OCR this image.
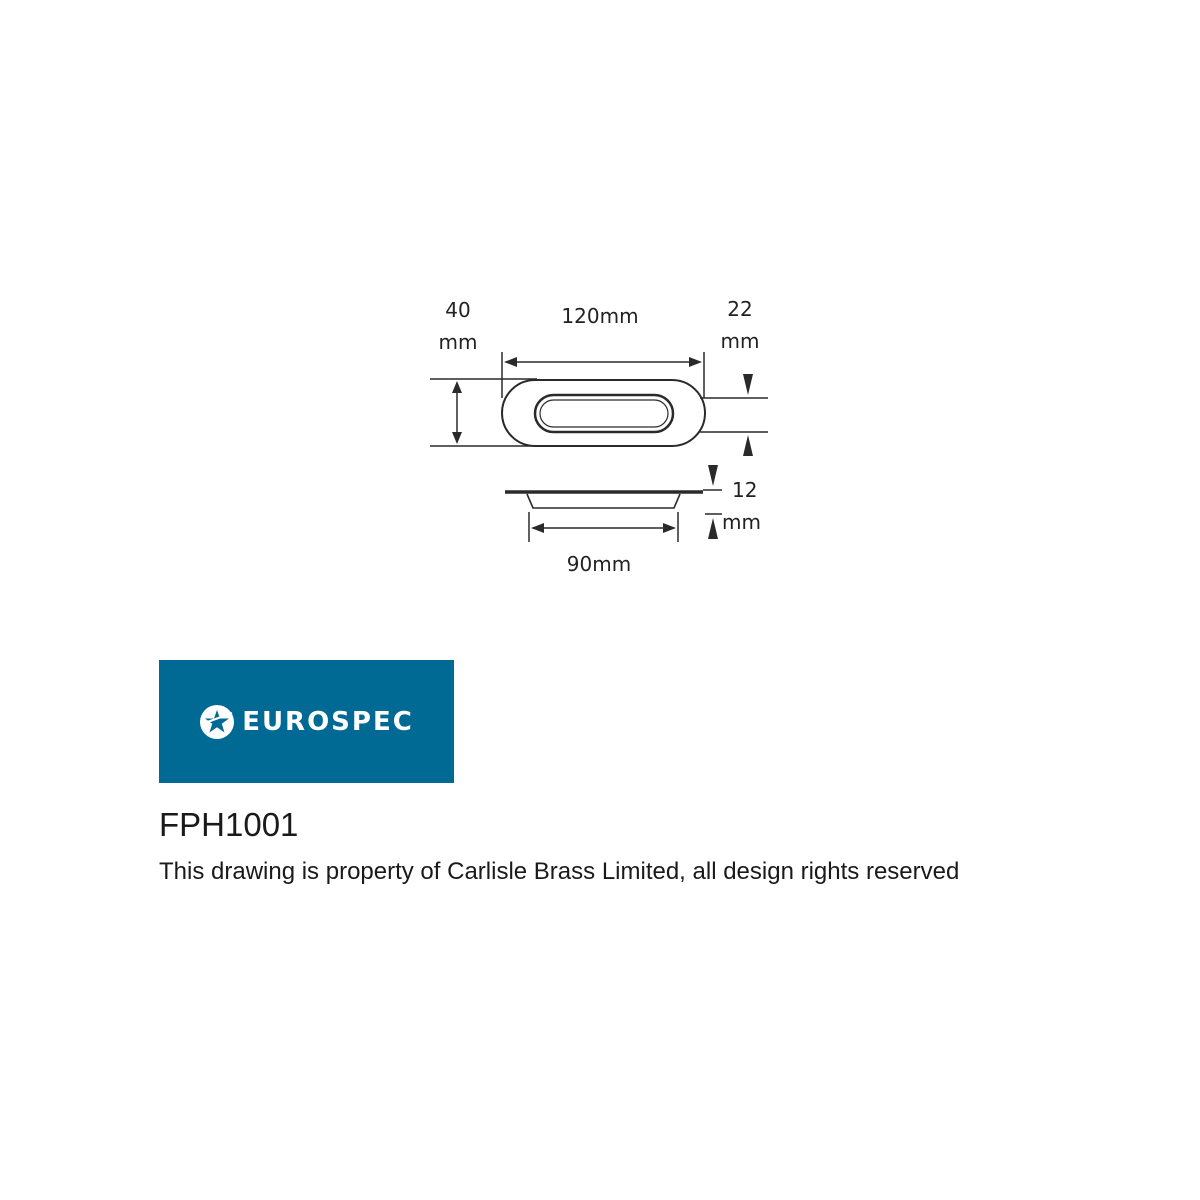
40
mm
120mm	22
mm
12
mm
90mm
EUROSPEC
FPH1001

This drawing is property of Carlisle Brass Limited, all design rights reserved
